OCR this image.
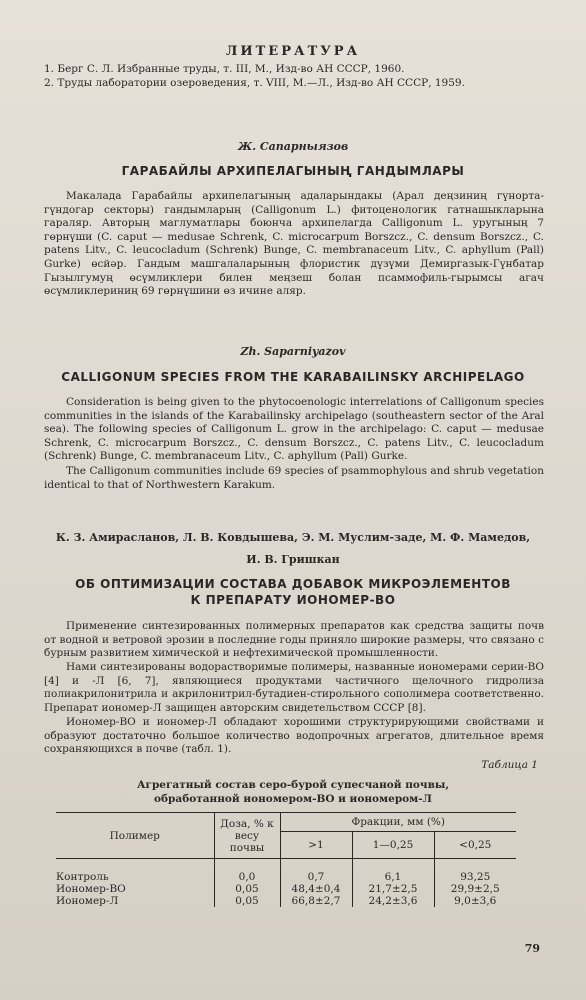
ЛИТЕРАТУРА
1. Берг С. Л. Избранные труды, т. III, М., Изд-во АН СССР, 1960.
2. Труды лаборатории озероведения, т. VIII, М.—Л., Изд-во АН СССР, 1959.
Ж. Сапарныязов
ГАРАБАЙЛЫ АРХИПЕЛАГЫНЫҢ ГАНДЫМЛАРЫ
Макалада Гарабайлы архипелагының адаларындакы (Арал деңзиниң гүнорта-гүндогар секторы) гандымларың (Calligonum L.) фитоценологик гатнашыкларына гараляр. Авторың маглуматлары боюнча архипелагда Calligonum L. уругының 7 гөрнүши (C. caput — medusae Schrenk, C. microcarpum Borszcz., C. densum Borszcz., C. patens Litv., C. leucocladum (Schrenk) Bunge, C. membranaceum Litv., C. aphyllum (Pall) Gurke) өсйәр. Гандым машгалаларының флористик дүзүми Демиргазык-Гүнбатар Гызылгумуң өсүмликлери билен меңзеш болан псаммофиль-гырымсы агач өсүмликлериниң 69 гөрнүшини өз ичине аляр.
Zh. Saparniyazov
CALLIGONUM SPECIES FROM THE KARABAILINSKY ARCHIPELAGO
Consideration is being given to the phytocoenologic interrelations of Calligonum species communities in the islands of the Karabailinsky archipelago (southeastern sector of the Aral sea). The following species of Calligonum L. grow in the archipelago: C. caput — medusae Schrenk, C. microcarpum Borszcz., C. densum Borszcz., C. patens Litv., C. leucocladum (Schrenk) Bunge, C. membranaceum Litv., C. aphyllum (Pall) Gurke.
The Calligonum communities include 69 species of psammophylous and shrub vegetation identical to that of Northwestern Karakum.
К. З. Амирасланов, Л. В. Ковдышева, Э. М. Муслим-заде, М. Ф. Мамедов,
И. В. Гришкан
ОБ ОПТИМИЗАЦИИ СОСТАВА ДОБАВОК МИКРОЭЛЕМЕНТОВ
К ПРЕПАРАТУ ИОНОМЕР-ВО
Применение синтезированных полимерных препаратов как средства защиты почв от водной и ветровой эрозии в последние годы приняло широкие размеры, что связано с бурным развитием химической и нефтехимической промышленности.
Нами синтезированы водорастворимые полимеры, названные иономерами серии-ВО [4] и -Л [6, 7], являющиеся продуктами частичного щелочного гидролиза полиакрилонитрила и акрилонитрил-бутадиен-стирольного сополимера соответственно. Препарат иономер-Л защищен авторским свидетельством СССР [8].
Иономер-ВО и иономер-Л обладают хорошими структурирующими свойствами и образуют достаточно большое количество водопрочных агрегатов, длительное время сохраняющихся в почве (табл. 1).
Таблица 1
Агрегатный состав серо-бурой супесчаной почвы,
обработанной иономером-ВО и иономером-Л
Полимер	Доза, % к весу почвы	Фракции, мм (%)		
		>1	1—0,25	<0,25
Контроль	0,0	0,7	6,1	93,25
Иономер-ВО	0,05	48,4±0,4	21,7±2,5	29,9±2,5
Иономер-Л	0,05	66,8±2,7	24,2±3,6	9,0±3,6
79
